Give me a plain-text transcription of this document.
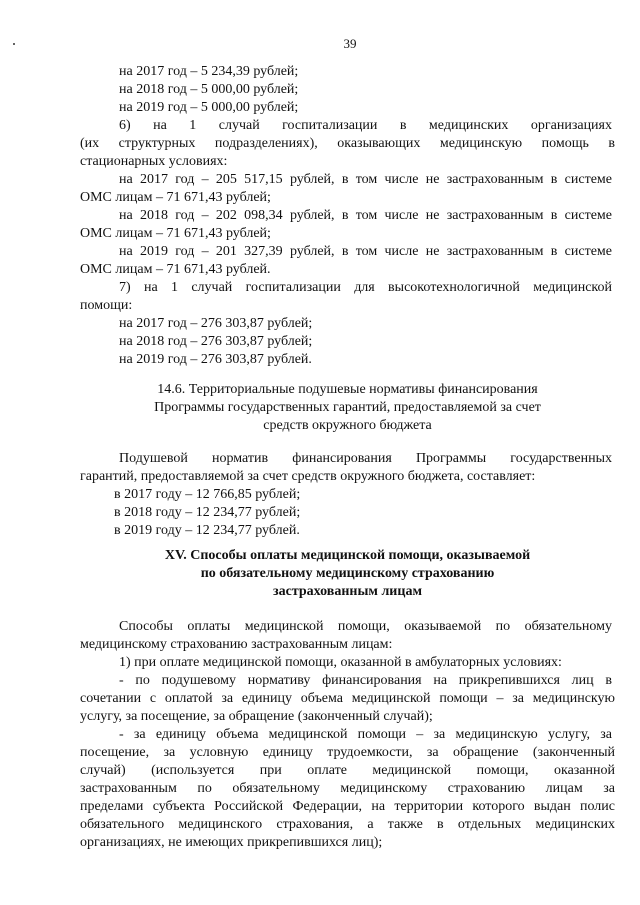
39
на 2017 год – 5 234,39 рублей;
на 2018 год – 5 000,00 рублей;
на 2019 год – 5 000,00 рублей;
6) на 1 случай госпитализации в медицинских организациях
(их структурных подразделениях), оказывающих медицинскую помощь в
стационарных условиях:
на 2017 год – 205 517,15 рублей, в том числе не застрахованным в системе
ОМС лицам – 71 671,43 рублей;
на 2018 год – 202 098,34 рублей, в том числе не застрахованным в системе
ОМС лицам – 71 671,43 рублей;
на 2019 год – 201 327,39 рублей, в том числе не застрахованным в системе
ОМС лицам – 71 671,43 рублей.
7) на 1 случай госпитализации для высокотехнологичной медицинской
помощи:
на 2017 год – 276 303,87 рублей;
на 2018 год – 276 303,87 рублей;
на 2019 год – 276 303,87 рублей.
14.6. Территориальные подушевые нормативы финансирования
Программы государственных гарантий, предоставляемой за счет
средств окружного бюджета
Подушевой норматив финансирования Программы государственных
гарантий, предоставляемой за счет средств окружного бюджета, составляет:
в 2017 году – 12 766,85 рублей;
в 2018 году – 12 234,77 рублей;
в 2019 году – 12 234,77 рублей.
XV. Способы оплаты медицинской помощи, оказываемой
по обязательному медицинскому страхованию
застрахованным лицам
Способы оплаты медицинской помощи, оказываемой по обязательному
медицинскому страхованию застрахованным лицам:
1) при оплате медицинской помощи, оказанной в амбулаторных условиях:
- по подушевому нормативу финансирования на прикрепившихся лиц в
сочетании с оплатой за единицу объема медицинской помощи – за медицинскую
услугу, за посещение, за обращение (законченный случай);
- за единицу объема медицинской помощи – за медицинскую услугу, за
посещение, за условную единицу трудоемкости, за обращение (законченный
случай) (используется при оплате медицинской помощи, оказанной
застрахованным по обязательному медицинскому страхованию лицам за
пределами субъекта Российской Федерации, на территории которого выдан полис
обязательного медицинского страхования, а также в отдельных медицинских
организациях, не имеющих прикрепившихся лиц);
